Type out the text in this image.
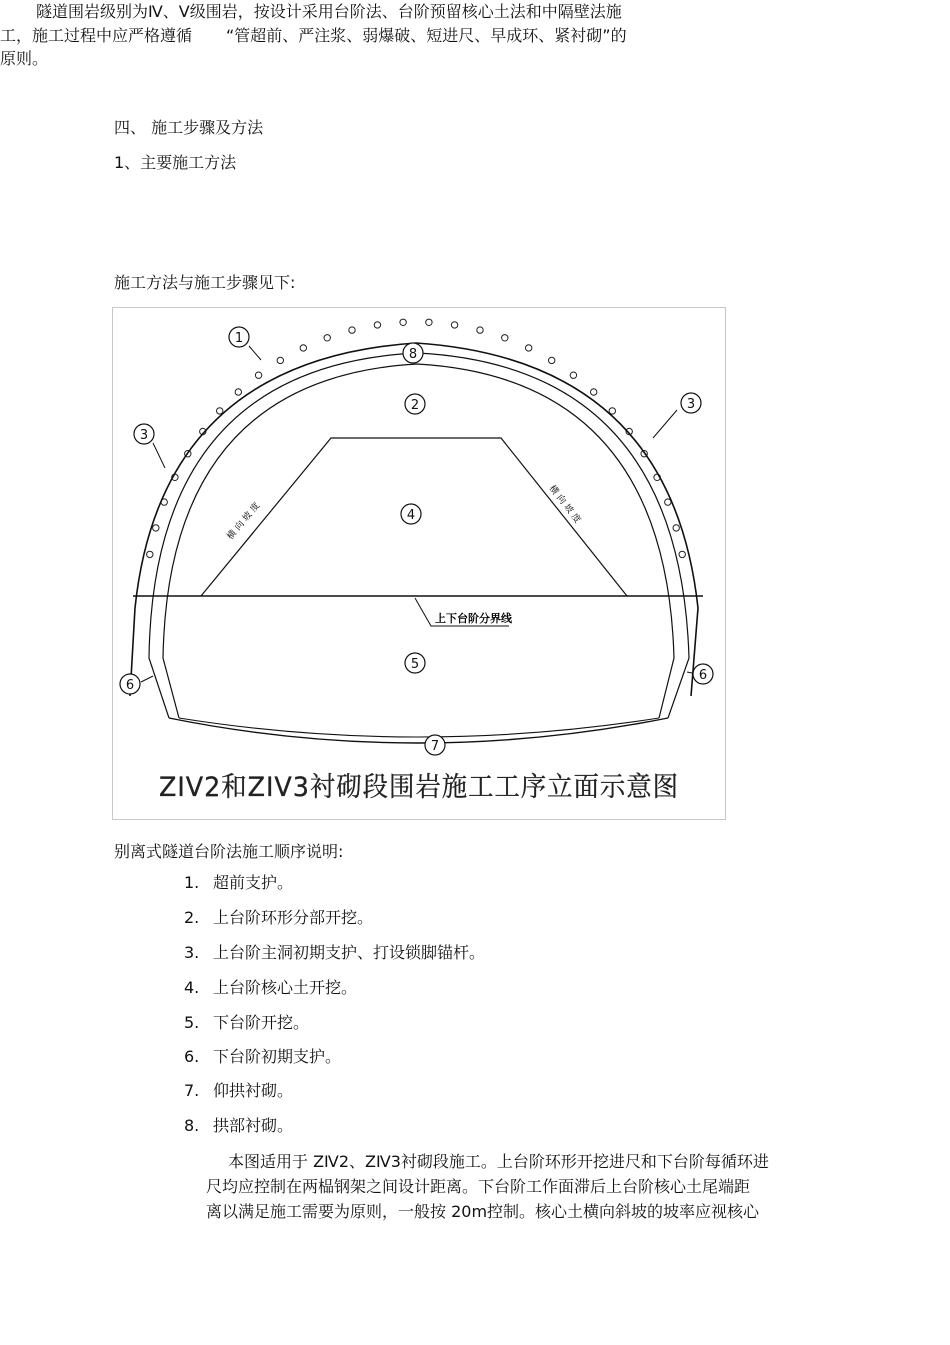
四、 施工步骤及方法
1、主要施工方法

隧道围岩级别为Ⅳ、Ⅴ级围岩，按设计采用台阶法、台阶预留核心土法和中隔壁法施

工，施工过程中应严格遵循 “管超前、严注浆、弱爆破、短进尺、早成环、紧衬砌”的

原则。

施工方法与施工步骤见下:
横向坡度	横向坡度
上下台阶分界线
1
8
2
3
3
4
5
6
6
7
ZIV2和ZIV3衬砌段围岩施工工序立面示意图
别离式隧道台阶法施工顺序说明:
1. 超前支护。
2. 上台阶环形分部开挖。
3. 上台阶主洞初期支护、打设锁脚锚杆。
4. 上台阶核心土开挖。
5. 下台阶开挖。
6. 下台阶初期支护。
7. 仰拱衬砌。
8. 拱部衬砌。

本图适用于 ZⅣ2、ZⅣ3衬砌段施工。上台阶环形开挖进尺和下台阶每循环进

尺均应控制在两榀钢架之间设计距离。下台阶工作面滞后上台阶核心土尾端距

离以满足施工需要为原则，一般按 20m控制。核心土横向斜坡的坡率应视核心
